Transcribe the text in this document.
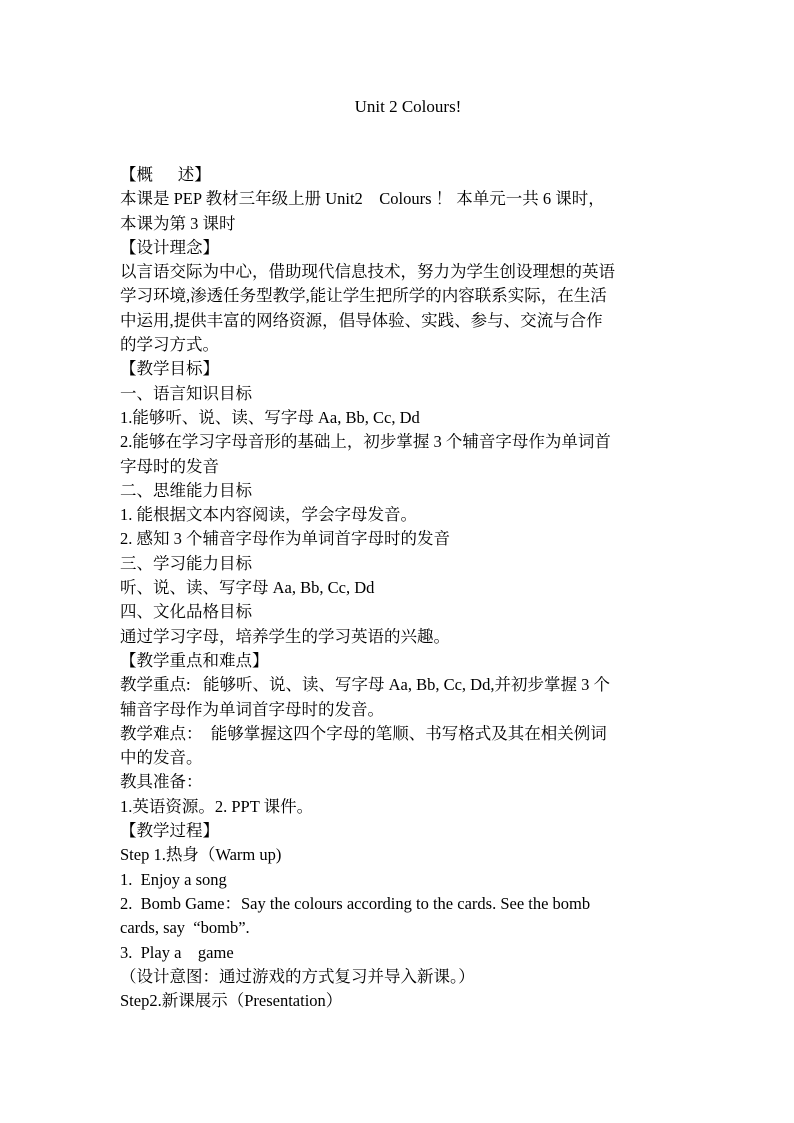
Unit 2 Colours!
【概      述】
本课是 PEP 教材三年级上册 Unit2    Colours ！ 本单元一共 6 课时，
本课为第 3 课时
【设计理念】
以言语交际为中心，借助现代信息技术，努力为学生创设理想的英语
学习环境,渗透任务型教学,能让学生把所学的内容联系实际，在生活
中运用,提供丰富的网络资源，倡导体验、实践、参与、交流与合作
的学习方式。
【教学目标】
一、语言知识目标
1.能够听、说、读、写字母 Aa, Bb, Cc, Dd
2.能够在学习字母音形的基础上，初步掌握 3 个辅音字母作为单词首
字母时的发音
二、思维能力目标
1. 能根据文本内容阅读，学会字母发音。
2. 感知 3 个辅音字母作为单词首字母时的发音
三、学习能力目标
听、说、读、写字母 Aa, Bb, Cc, Dd
四、文化品格目标
通过学习字母，培养学生的学习英语的兴趣。
【教学重点和难点】
教学重点:   能够听、说、读、写字母 Aa, Bb, Cc, Dd,并初步掌握 3 个
辅音字母作为单词首字母时的发音。
教学难点：  能够掌握这四个字母的笔顺、书写格式及其在相关例词
中的发音。
教具准备：
1.英语资源。2. PPT 课件。
【教学过程】
Step 1.热身（Warm up)
1.  Enjoy a song
2.  Bomb Game：Say the colours according to the cards. See the bomb
cards, say  “bomb”.
3.  Play a    game
（设计意图：通过游戏的方式复习并导入新课。）
Step2.新课展示（Presentation）
